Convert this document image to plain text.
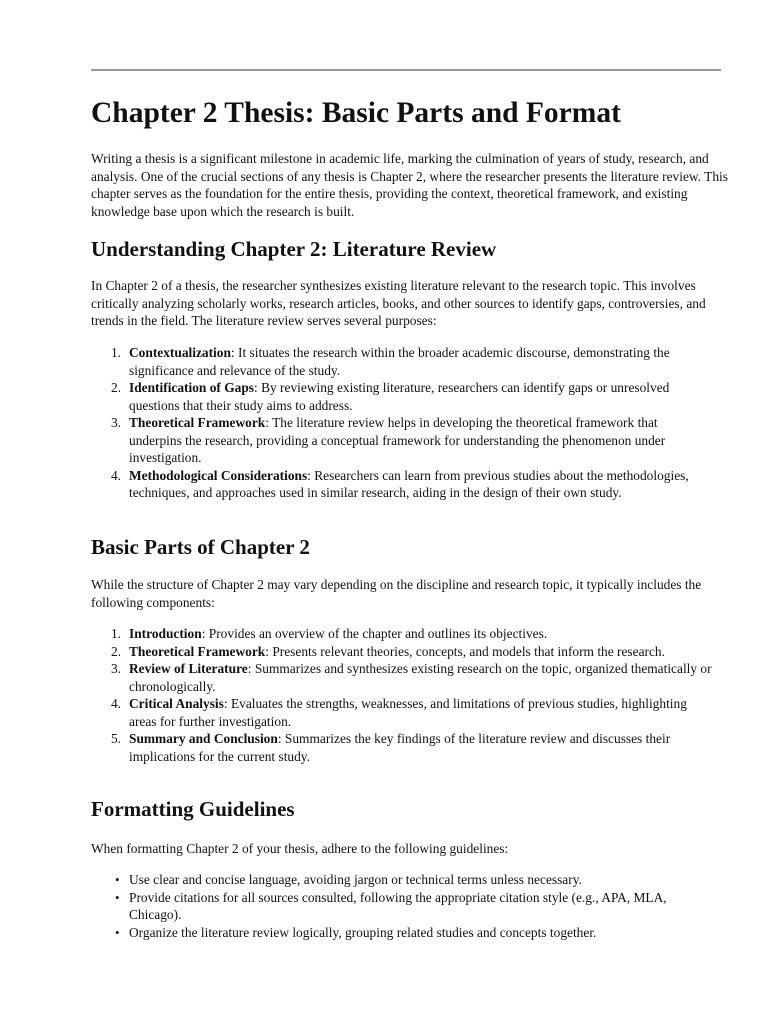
Chapter 2 Thesis: Basic Parts and Format

Writing a thesis is a significant milestone in academic life, marking the culmination of years of study, research, and analysis. One of the crucial sections of any thesis is Chapter 2, where the researcher presents the literature review. This chapter serves as the foundation for the entire thesis, providing the context, theoretical framework, and existing knowledge base upon which the research is built.

Understanding Chapter 2: Literature Review

In Chapter 2 of a thesis, the researcher synthesizes existing literature relevant to the research topic. This involves critically analyzing scholarly works, research articles, books, and other sources to identify gaps, controversies, and trends in the field. The literature review serves several purposes:

1. Contextualization: It situates the research within the broader academic discourse, demonstrating the significance and relevance of the study.
2. Identification of Gaps: By reviewing existing literature, researchers can identify gaps or unresolved questions that their study aims to address.
3. Theoretical Framework: The literature review helps in developing the theoretical framework that underpins the research, providing a conceptual framework for understanding the phenomenon under investigation.
4. Methodological Considerations: Researchers can learn from previous studies about the methodologies, techniques, and approaches used in similar research, aiding in the design of their own study.
Basic Parts of Chapter 2

While the structure of Chapter 2 may vary depending on the discipline and research topic, it typically includes the following components:

1. Introduction: Provides an overview of the chapter and outlines its objectives.
2. Theoretical Framework: Presents relevant theories, concepts, and models that inform the research.
3. Review of Literature: Summarizes and synthesizes existing research on the topic, organized thematically or chronologically.
4. Critical Analysis: Evaluates the strengths, weaknesses, and limitations of previous studies, highlighting areas for further investigation.
5. Summary and Conclusion: Summarizes the key findings of the literature review and discusses their implications for the current study.
Formatting Guidelines

When formatting Chapter 2 of your thesis, adhere to the following guidelines:

• Use clear and concise language, avoiding jargon or technical terms unless necessary.
• Provide citations for all sources consulted, following the appropriate citation style (e.g., APA, MLA, Chicago).
• Organize the literature review logically, grouping related studies and concepts together.
